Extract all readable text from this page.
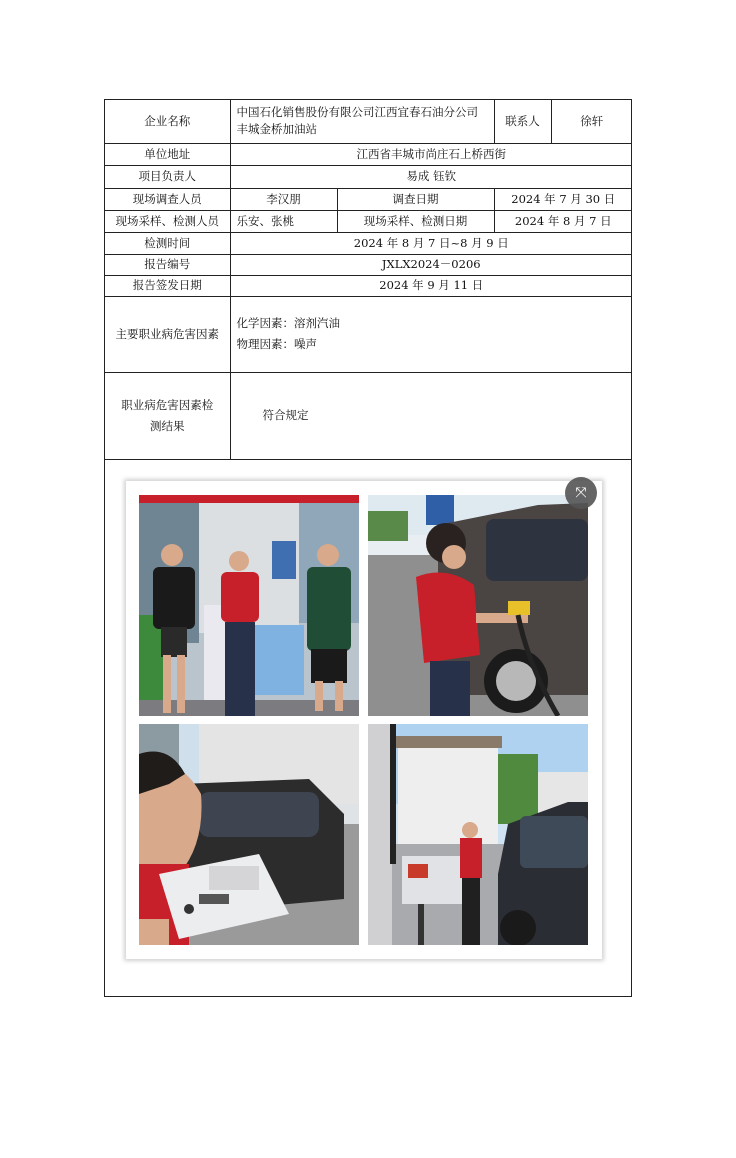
企业名称	中国石化销售股份有限公司江西宜春石油分公司丰城金桥加油站		联系人	徐轩
单位地址	江西省丰城市尚庄石上桥西街			
项目负责人	易成 钰钦			
现场调查人员	李汉朋	调查日期	2024 年 7 月 30 日	
现场采样、检测人员	乐安、张桃	现场采样、检测日期	2024 年 8 月 7 日	
检测时间	2024 年 8 月 7 日~8 月 9 日			
报告编号	JXLX2024－0206			
报告签发日期	2024 年 9 月 11 日			
主要职业病危害因素	化学因素：溶剂汽油
物理因素：噪声			

职业病危害因素检测结果	符合规定			
⤧
